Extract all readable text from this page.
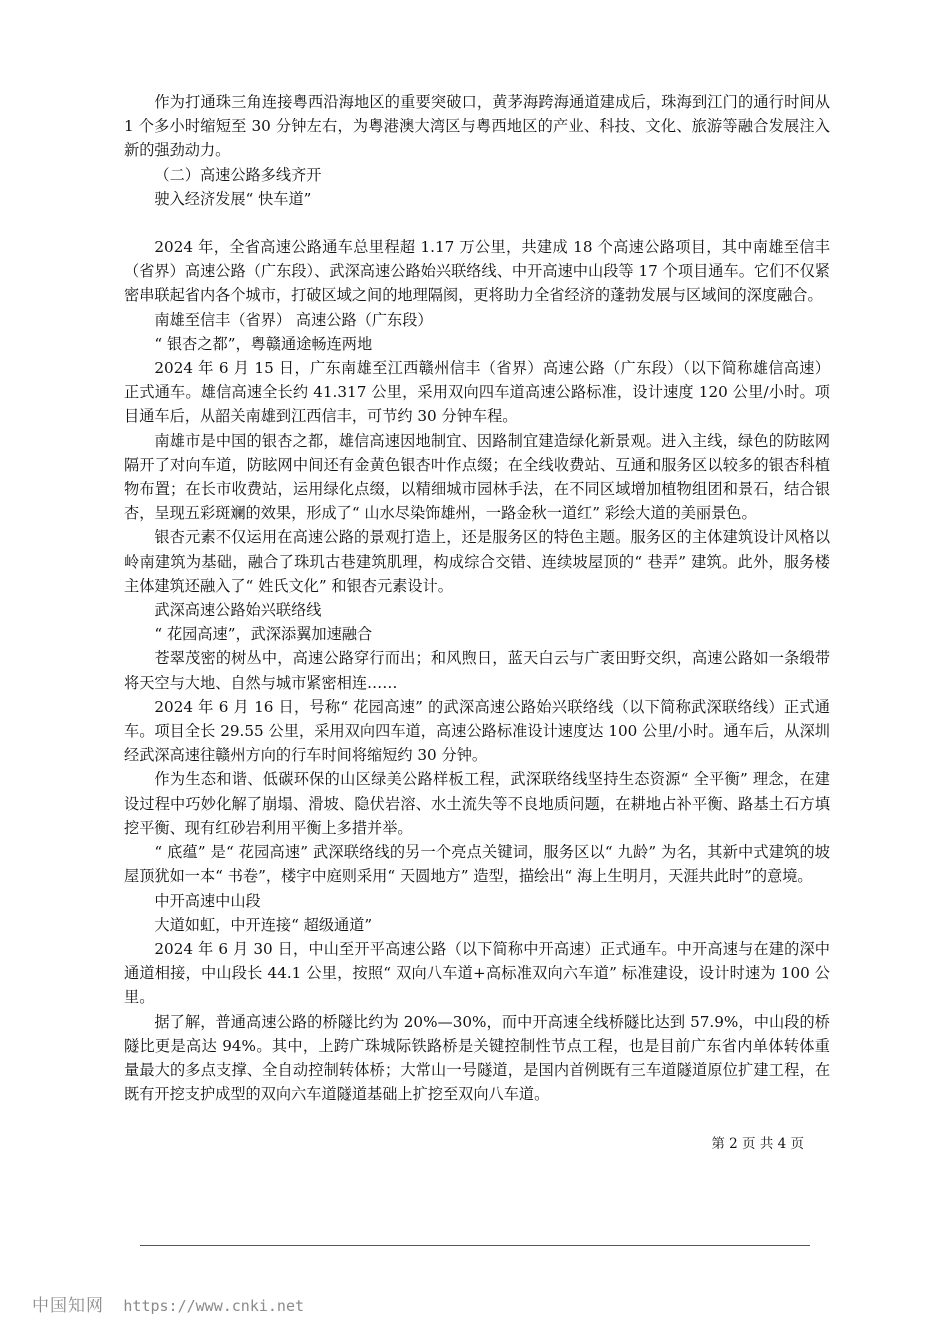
作为打通珠三角连接粤西沿海地区的重要突破口，黄茅海跨海通道建成后，珠海到江门的通行时间从 1 个多小时缩短至 30 分钟左右，为粤港澳大湾区与粤西地区的产业、科技、文化、旅游等融合发展注入新的强劲动力。

（二）高速公路多线齐开

驶入经济发展“ 快车道”

2024 年，全省高速公路通车总里程超 1.17 万公里，共建成 18 个高速公路项目，其中南雄至信丰（省界）高速公路（广东段）、武深高速公路始兴联络线、中开高速中山段等 17 个项目通车。它们不仅紧密串联起省内各个城市，打破区域之间的地理隔阂，更将助力全省经济的蓬勃发展与区域间的深度融合。

南雄至信丰（省界） 高速公路（广东段）

“ 银杏之都”，粤赣通途畅连两地

2024 年 6 月 15 日，广东南雄至江西赣州信丰（省界）高速公路（广东段）（以下简称雄信高速）正式通车。雄信高速全长约 41.317 公里，采用双向四车道高速公路标准，设计速度 120 公里/小时。项目通车后，从韶关南雄到江西信丰，可节约 30 分钟车程。

南雄市是中国的银杏之都，雄信高速因地制宜、因路制宜建造绿化新景观。进入主线，绿色的防眩网隔开了对向车道，防眩网中间还有金黄色银杏叶作点缀；在全线收费站、互通和服务区以较多的银杏科植物布置；在长市收费站，运用绿化点缀，以精细城市园林手法，在不同区域增加植物组团和景石，结合银杏，呈现五彩斑斓的效果，形成了“ 山水尽染饰雄州，一路金秋一道红” 彩绘大道的美丽景色。

银杏元素不仅运用在高速公路的景观打造上，还是服务区的特色主题。服务区的主体建筑设计风格以岭南建筑为基础，融合了珠玑古巷建筑肌理，构成综合交错、连续坡屋顶的“ 巷弄” 建筑。此外，服务楼主体建筑还融入了“ 姓氏文化” 和银杏元素设计。

武深高速公路始兴联络线

“ 花园高速”，武深添翼加速融合

苍翠茂密的树丛中，高速公路穿行而出；和风煦日，蓝天白云与广袤田野交织，高速公路如一条缎带将天空与大地、自然与城市紧密相连……

2024 年 6 月 16 日，号称“ 花园高速” 的武深高速公路始兴联络线（以下简称武深联络线）正式通车。项目全长 29.55 公里，采用双向四车道，高速公路标准设计速度达 100 公里/小时。通车后，从深圳经武深高速往赣州方向的行车时间将缩短约 30 分钟。

作为生态和谐、低碳环保的山区绿美公路样板工程，武深联络线坚持生态资源“ 全平衡” 理念，在建设过程中巧妙化解了崩塌、滑坡、隐伏岩溶、水土流失等不良地质问题，在耕地占补平衡、路基土石方填挖平衡、现有红砂岩利用平衡上多措并举。

“ 底蕴” 是“ 花园高速” 武深联络线的另一个亮点关键词，服务区以“ 九龄” 为名，其新中式建筑的坡屋顶犹如一本“ 书卷”，楼宇中庭则采用“ 天圆地方” 造型，描绘出“ 海上生明月，天涯共此时”的意境。

中开高速中山段

大道如虹，中开连接“ 超级通道”

2024 年 6 月 30 日，中山至开平高速公路（以下简称中开高速）正式通车。中开高速与在建的深中通道相接，中山段长 44.1 公里，按照“ 双向八车道+高标准双向六车道” 标准建设，设计时速为 100 公里。

据了解，普通高速公路的桥隧比约为 20%—30%，而中开高速全线桥隧比达到 57.9%，中山段的桥隧比更是高达 94%。其中，上跨广珠城际铁路桥是关键控制性节点工程，也是目前广东省内单体转体重量最大的多点支撑、全自动控制转体桥；大常山一号隧道，是国内首例既有三车道隧道原位扩建工程，在既有开挖支护成型的双向六车道隧道基础上扩挖至双向八车道。

第 2 页 共 4 页
中国知网 https://www.cnki.net
